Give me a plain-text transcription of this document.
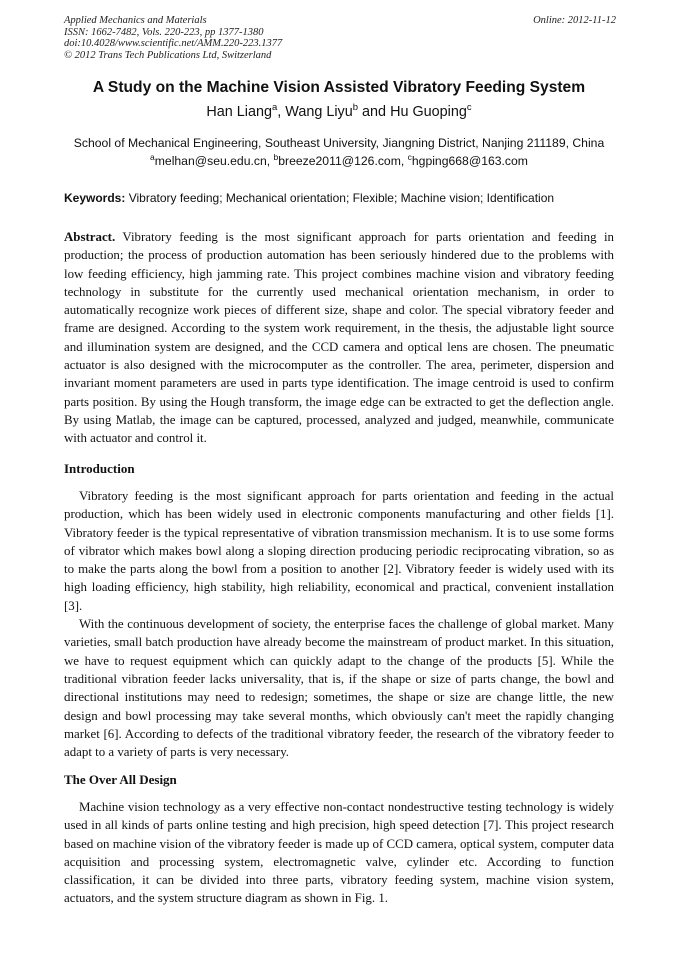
Applied Mechanics and Materials
ISSN: 1662-7482, Vols. 220-223, pp 1377-1380
doi:10.4028/www.scientific.net/AMM.220-223.1377
© 2012 Trans Tech Publications Ltd, Switzerland
Online: 2012-11-12
A Study on the Machine Vision Assisted Vibratory Feeding System
Han Liang$^a$, Wang Liyu$^b$ and Hu Guoping$^c$
School of Mechanical Engineering, Southeast University, Jiangning District, Nanjing 211189, China
$^a$melhan@seu.edu.cn, $^b$breeze2011@126.com, $^c$hgping668@163.com
Keywords: Vibratory feeding; Mechanical orientation; Flexible; Machine vision; Identification

Abstract. Vibratory feeding is the most significant approach for parts orientation and feeding in production; the process of production automation has been seriously hindered due to the problems with low feeding efficiency, high jamming rate. This project combines machine vision and vibratory feeding technology in substitute for the currently used mechanical orientation mechanism, in order to automatically recognize work pieces of different size, shape and color. The special vibratory feeder and frame are designed. According to the system work requirement, in the thesis, the adjustable light source and illumination system are designed, and the CCD camera and optical lens are chosen. The pneumatic actuator is also designed with the microcomputer as the controller. The area, perimeter, dispersion and invariant moment parameters are used in parts type identification. The image centroid is used to confirm parts position. By using the Hough transform, the image edge can be extracted to get the deflection angle. By using Matlab, the image can be captured, processed, analyzed and judged, meanwhile, communicate with actuator and control it.

Introduction

Vibratory feeding is the most significant approach for parts orientation and feeding in the actual production, which has been widely used in electronic components manufacturing and other fields [1]. Vibratory feeder is the typical representative of vibration transmission mechanism. It is to use some forms of vibrator which makes bowl along a sloping direction producing periodic reciprocating vibration, so as to make the parts along the bowl from a position to another [2]. Vibratory feeder is widely used with its high loading efficiency, high stability, high reliability, economical and practical, convenient installation [3].

With the continuous development of society, the enterprise faces the challenge of global market. Many varieties, small batch production have already become the mainstream of product market. In this situation, we have to request equipment which can quickly adapt to the change of the products [5]. While the traditional vibration feeder lacks universality, that is, if the shape or size of parts change, the bowl and directional institutions may need to redesign; sometimes, the shape or size are change little, the new design and bowl processing may take several months, which obviously can't meet the rapidly changing market [6]. According to defects of the traditional vibratory feeder, the research of the vibratory feeder to adapt to a variety of parts is very necessary.

The Over All Design

Machine vision technology as a very effective non-contact nondestructive testing technology is widely used in all kinds of parts online testing and high precision, high speed detection [7]. This project research based on machine vision of the vibratory feeder is made up of CCD camera, optical system, computer data acquisition and processing system, electromagnetic valve, cylinder etc. According to function classification, it can be divided into three parts, vibratory feeding system, machine vision system, actuators, and the system structure diagram as shown in Fig. 1.
